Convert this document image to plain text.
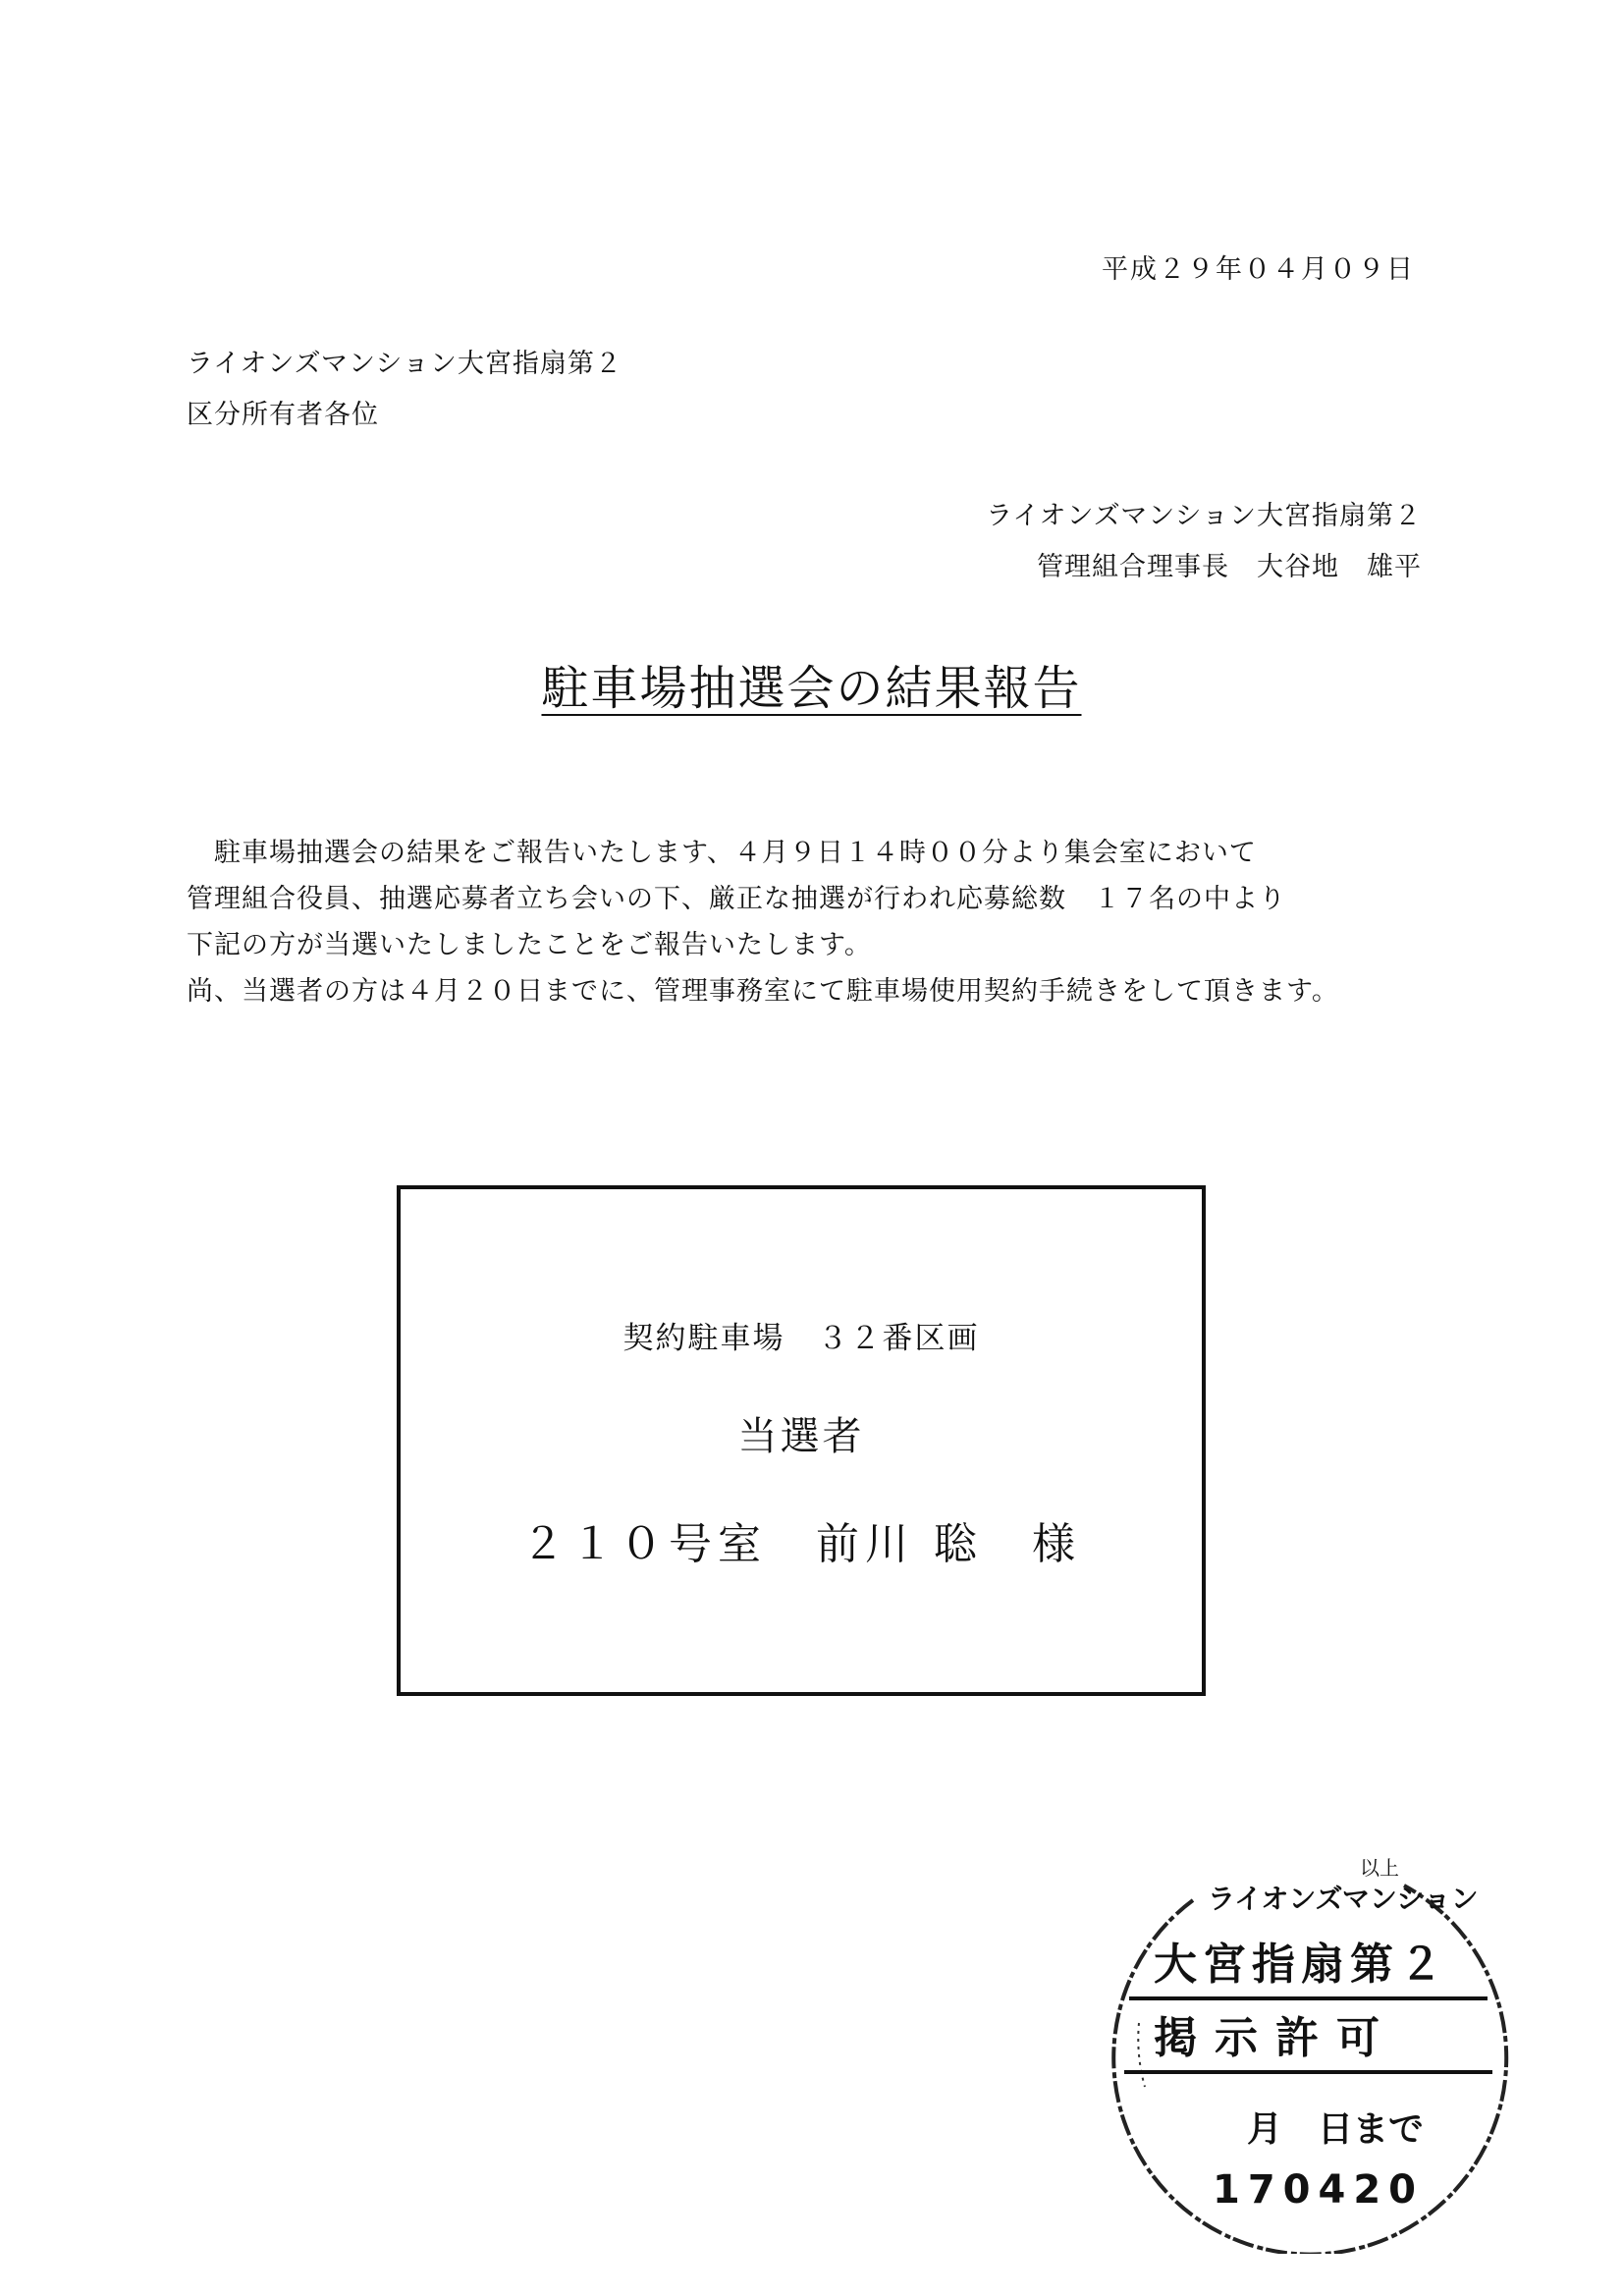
平成２９年０４月０９日
ライオンズマンション大宮指扇第２
区分所有者各位
ライオンズマンション大宮指扇第２
管理組合理事長　大谷地　雄平
駐車場抽選会の結果報告

　駐車場抽選会の結果をご報告いたします、４月９日１４時００分より集会室において

管理組合役員、抽選応募者立ち会いの下、厳正な抽選が行われ応募総数　１７名の中より

下記の方が当選いたしましたことをご報告いたします。

尚、当選者の方は４月２０日までに、管理事務室にて駐車場使用契約手続きをして頂きます。

契約駐車場　３２番区画
当選者
２１０号室　前川 聡　様
以上
ライオンズマンション
大宮指扇第２
掲示許可
月　日まで
170420
